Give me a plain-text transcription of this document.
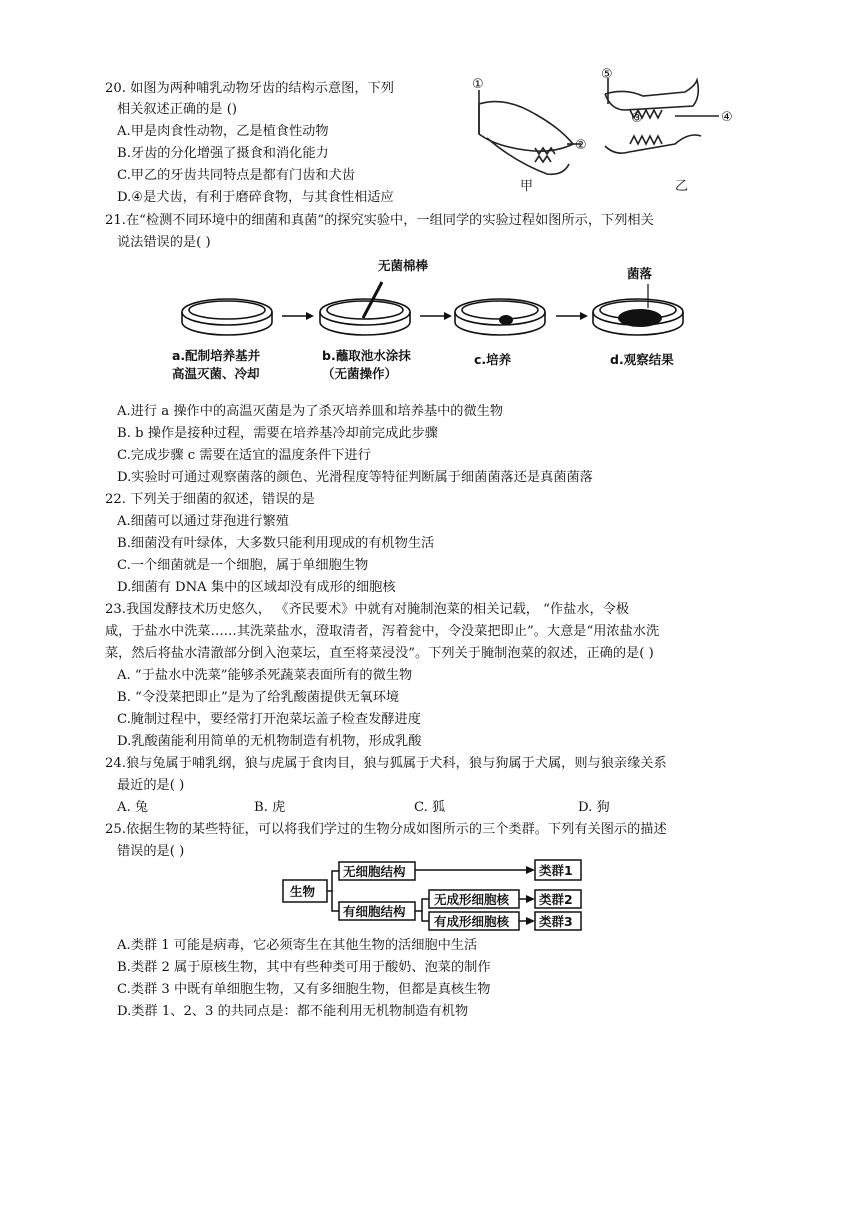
20. 如图为两种哺乳动物牙齿的结构示意图，下列
相关叙述正确的是 ()
A.甲是肉食性动物，乙是植食性动物
B.牙齿的分化增强了摄食和消化能力
C.甲乙的牙齿共同特点是都有门齿和犬齿
D.④是犬齿，有利于磨碎食物，与其食性相适应
①
②
③	④
⑤
甲	乙
21.在“检测不同环境中的细菌和真菌”的探究实验中，一组同学的实验过程如图所示，下列相关
说法错误的是( )
无菌棉棒
菌落
a.配制培养基并
高温灭菌、冷却
b.蘸取池水涂抹
（无菌操作）
c.培养	d.观察结果
A.进行 a 操作中的高温灭菌是为了杀灭培养皿和培养基中的微生物
B. b 操作是接种过程，需要在培养基冷却前完成此步骤
C.完成步骤 c 需要在适宜的温度条件下进行
D.实验时可通过观察菌落的颜色、光滑程度等特征判断属于细菌菌落还是真菌菌落
22. 下列关于细菌的叙述，错误的是
A.细菌可以通过芽孢进行繁殖
B.细菌没有叶绿体，大多数只能利用现成的有机物生活
C.一个细菌就是一个细胞，属于单细胞生物
D.细菌有 DNA 集中的区域却没有成形的细胞核
23.我国发酵技术历史悠久， 《齐民要术》中就有对腌制泡菜的相关记载， “作盐水，令极
咸，于盐水中洗菜……其洗菜盐水，澄取清者，泻着瓮中，令没菜把即止”。大意是“用浓盐水洗
菜，然后将盐水清澈部分倒入泡菜坛，直至将菜浸没”。下列关于腌制泡菜的叙述，正确的是( )
A. “于盐水中洗菜”能够杀死蔬菜表面所有的微生物
B. “令没菜把即止”是为了给乳酸菌提供无氧环境
C.腌制过程中，要经常打开泡菜坛盖子检查发酵进度
D.乳酸菌能利用简单的无机物制造有机物，形成乳酸
24.狼与兔属于哺乳纲，狼与虎属于食肉目，狼与狐属于犬科，狼与狗属于犬属，则与狼亲缘关系
最近的是( )
A. 兔	B. 虎	C. 狐	D. 狗
25.依据生物的某些特征，可以将我们学过的生物分成如图所示的三个类群。下列有关图示的描述
错误的是( )
生物
无细胞结构
有细胞结构
无成形细胞核
有成形细胞核
类群1
类群2
类群3
A.类群 1 可能是病毒，它必须寄生在其他生物的活细胞中生活
B.类群 2 属于原核生物，其中有些种类可用于酸奶、泡菜的制作
C.类群 3 中既有单细胞生物，又有多细胞生物，但都是真核生物
D.类群 1、2、3 的共同点是：都不能利用无机物制造有机物
